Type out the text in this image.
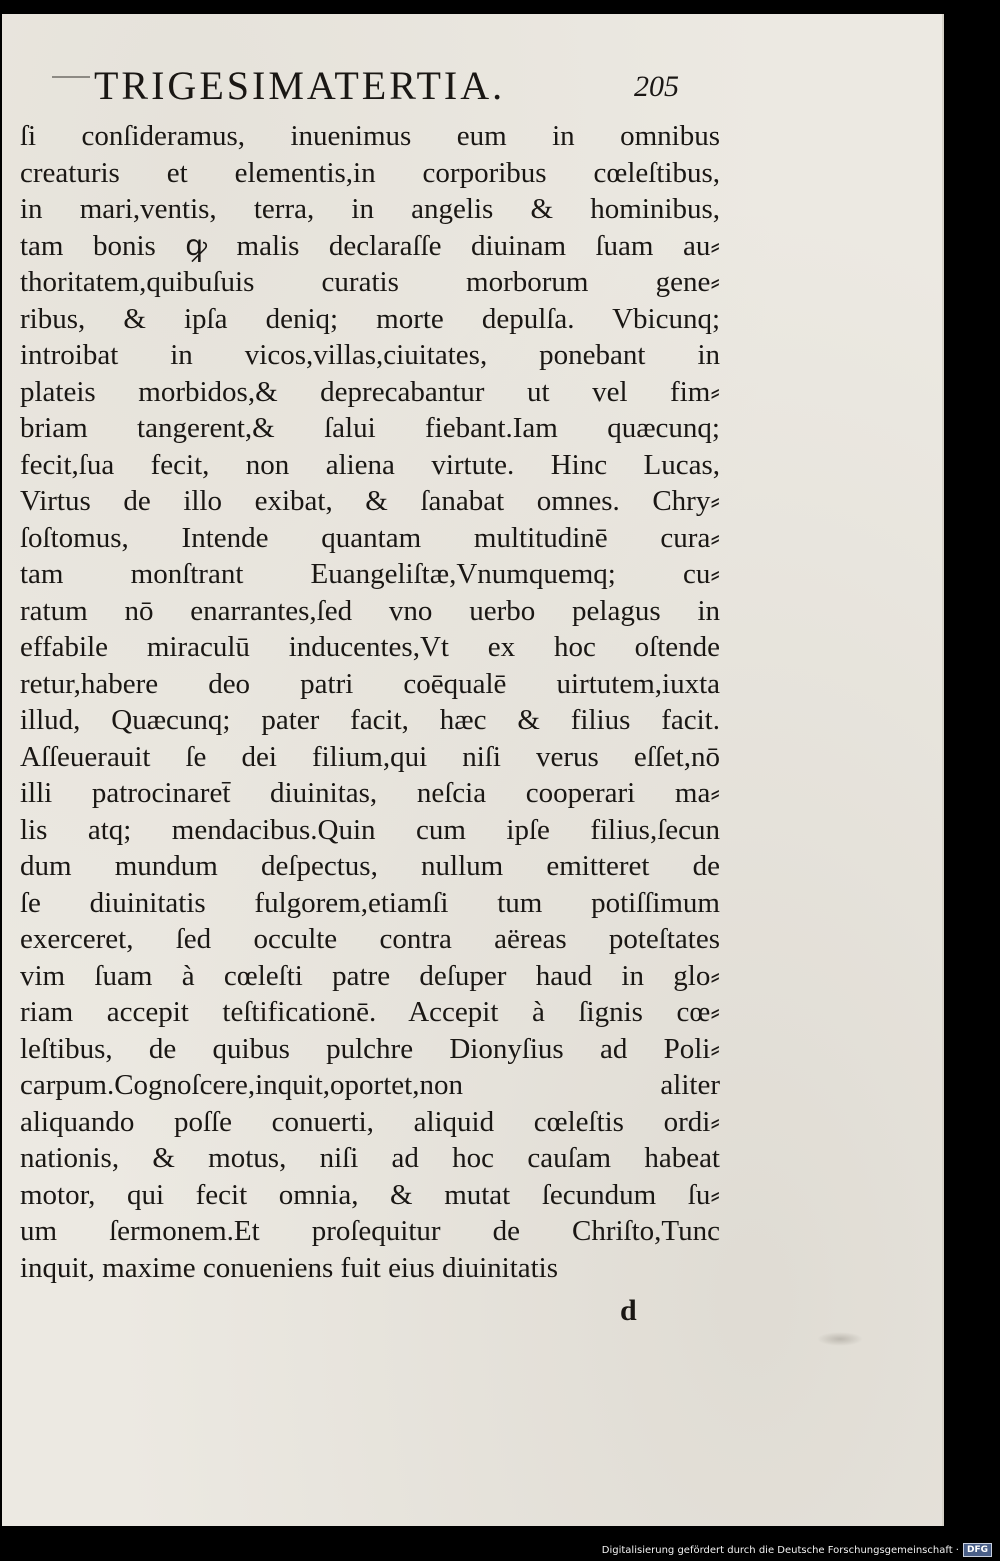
TRIGESIMATERTIA.	205
ſi conſideramus, inuenimus eum in omnibus
creaturis et elementis,in corporibus cœleſtibus,
in mari,ventis, terra, in angelis & hominibus,
tam bonis ꝙ malis declaraſſe diuinam ſuam au⸗
thoritatem,quibuſuis curatis morborum gene⸗
ribus, & ipſa deniq; morte depulſa. Vbicunq;
introibat in vicos,villas,ciuitates, ponebant in
plateis morbidos,& deprecabantur ut vel fim⸗
briam tangerent,& ſalui fiebant.Iam quæcunq;
fecit,ſua fecit, non aliena virtute. Hinc Lucas,
Virtus de illo exibat, & ſanabat omnes. Chry⸗
ſoſtomus, Intende quantam multitudinē cura⸗
tam monſtrant Euangeliſtæ,Vnumquemq; cu⸗
ratum nō enarrantes,ſed vno uerbo pelagus in
effabile miraculū inducentes,Vt ex hoc oſtende
retur,habere deo patri coēqualē uirtutem,iuxta
illud, Quæcunq; pater facit, hæc & filius facit.
Aſſeuerauit ſe dei filium,qui niſi verus eſſet,nō
illi patrocinaret̄ diuinitas, neſcia cooperari ma⸗
lis atq; mendacibus.Quin cum ipſe filius,ſecun
dum mundum deſpectus, nullum emitteret de
ſe diuinitatis fulgorem,etiamſi tum potiſſimum
exerceret, ſed occulte contra aëreas poteſtates
vim ſuam à cœleſti patre deſuper haud in glo⸗
riam accepit teſtificationē. Accepit à ſignis cœ⸗
leſtibus, de quibus pulchre Dionyſius ad Poli⸗
carpum.Cognoſcere,inquit,oportet,non aliter
aliquando poſſe conuerti, aliquid cœleſtis ordi⸗
nationis, & motus, niſi ad hoc cauſam habeat
motor, qui fecit omnia, & mutat ſecundum ſu⸗
um ſermonem.Et proſequitur de Chriſto,Tunc
inquit, maxime conueniens fuit eius diuinitatis
d
Digitalisierung gefördert durch die Deutsche Forschungsgemeinschaft · DFG
